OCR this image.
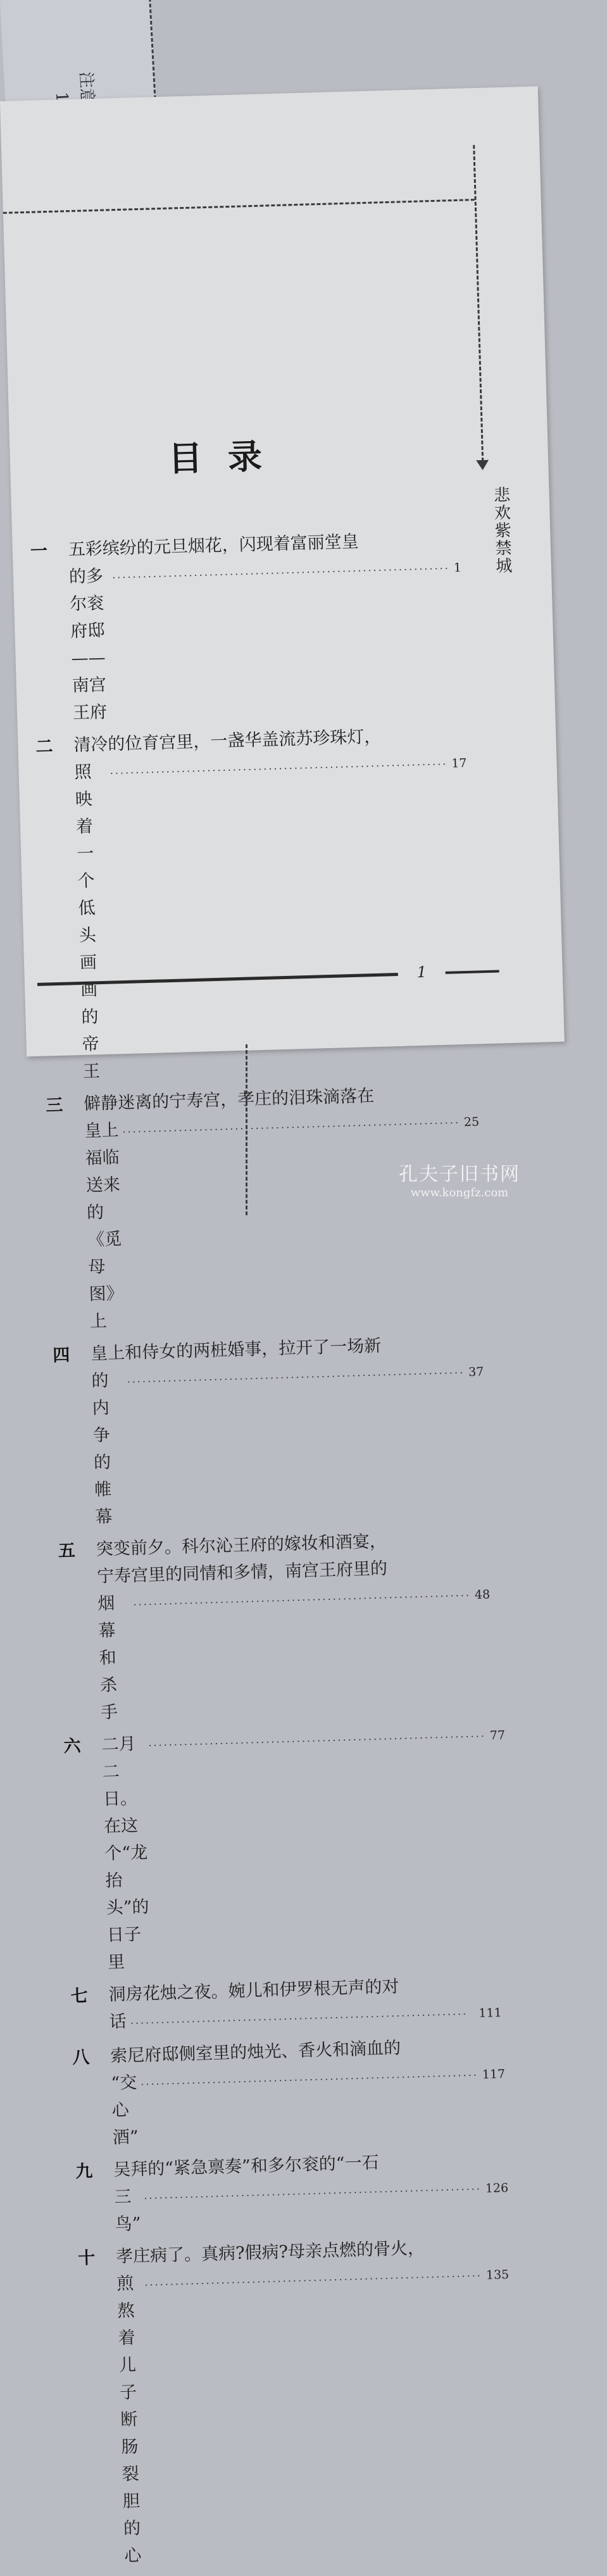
悲欢紫禁城
目录
一	五彩缤纷的元旦烟花，闪现着富丽堂皇
的多尔衮府邸——南宫王府
·································································· 1
二	清冷的位育宫里，一盏华盖流苏珍珠灯，
照映着一个低头画画的帝王
·································································· 17
三	僻静迷离的宁寿宫，孝庄的泪珠滴落在
皇上福临送来的《觅母图》上
·································································· 25
四	皇上和侍女的两桩婚事，拉开了一场新
的内争的帷幕
·································································· 37
五	突变前夕。科尔沁王府的嫁妆和酒宴，
宁寿宫里的同情和多情，南宫王府里的
烟幕和杀手
·································································· 48
六	二月二日。在这个“龙抬头”的日子里
·································································· 77
七	洞房花烛之夜。婉儿和伊罗根无声的对
话 ·································································· 111
八	索尼府邸侧室里的烛光、香火和滴血的
“交心酒”
·································································· 117
九	吴拜的“紧急禀奏”和多尔衮的“一石
三鸟”
·································································· 126
十	孝庄病了。真病?假病?母亲点燃的骨火，
煎熬着儿子断肠裂胆的心
·································································· 135
1
孔夫子旧书网
www.kongfz.com
